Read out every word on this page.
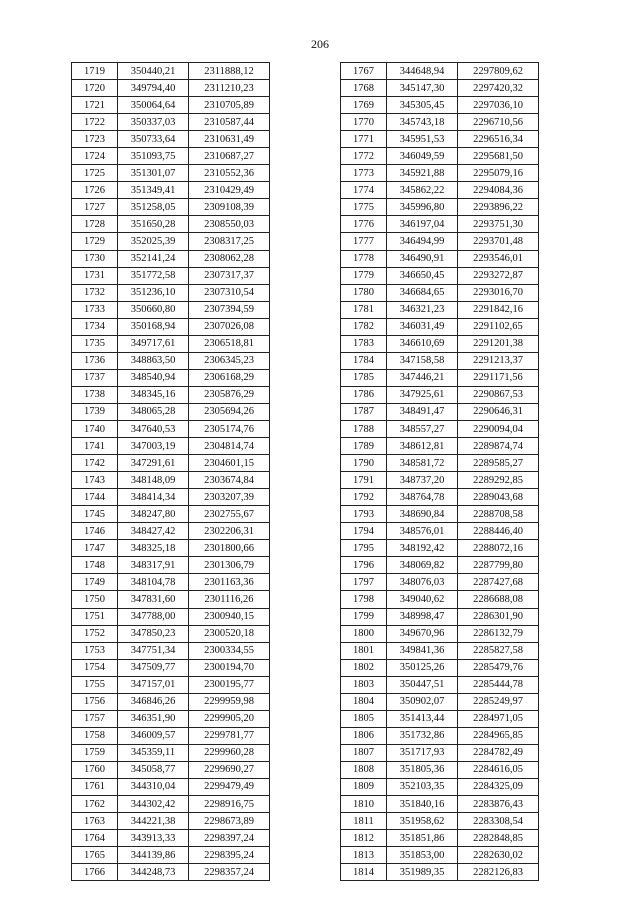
206
1719	350440,21	2311888,12
1720	349794,40	2311210,23
1721	350064,64	2310705,89
1722	350337,03	2310587,44
1723	350733,64	2310631,49
1724	351093,75	2310687,27
1725	351301,07	2310552,36
1726	351349,41	2310429,49
1727	351258,05	2309108,39
1728	351650,28	2308550,03
1729	352025,39	2308317,25
1730	352141,24	2308062,28
1731	351772,58	2307317,37
1732	351236,10	2307310,54
1733	350660,80	2307394,59
1734	350168,94	2307026,08
1735	349717,61	2306518,81
1736	348863,50	2306345,23
1737	348540,94	2306168,29
1738	348345,16	2305876,29
1739	348065,28	2305694,26
1740	347640,53	2305174,76
1741	347003,19	2304814,74
1742	347291,61	2304601,15
1743	348148,09	2303674,84
1744	348414,34	2303207,39
1745	348247,80	2302755,67
1746	348427,42	2302206,31
1747	348325,18	2301800,66
1748	348317,91	2301306,79
1749	348104,78	2301163,36
1750	347831,60	2301116,26
1751	347788,00	2300940,15
1752	347850,23	2300520,18
1753	347751,34	2300334,55
1754	347509,77	2300194,70
1755	347157,01	2300195,77
1756	346846,26	2299959,98
1757	346351,90	2299905,20
1758	346009,57	2299781,77
1759	345359,11	2299960,28
1760	345058,77	2299690,27
1761	344310,04	2299479,49
1762	344302,42	2298916,75
1763	344221,38	2298673,89
1764	343913,33	2298397,24
1765	344139,86	2298395,24
1766	344248,73	2298357,24
1767	344648,94	2297809,62
1768	345147,30	2297420,32
1769	345305,45	2297036,10
1770	345743,18	2296710,56
1771	345951,53	2296516,34
1772	346049,59	2295681,50
1773	345921,88	2295079,16
1774	345862,22	2294084,36
1775	345996,80	2293896,22
1776	346197,04	2293751,30
1777	346494,99	2293701,48
1778	346490,91	2293546,01
1779	346650,45	2293272,87
1780	346684,65	2293016,70
1781	346321,23	2291842,16
1782	346031,49	2291102,65
1783	346610,69	2291201,38
1784	347158,58	2291213,37
1785	347446,21	2291171,56
1786	347925,61	2290867,53
1787	348491,47	2290646,31
1788	348557,27	2290094,04
1789	348612,81	2289874,74
1790	348581,72	2289585,27
1791	348737,20	2289292,85
1792	348764,78	2289043,68
1793	348690,84	2288708,58
1794	348576,01	2288446,40
1795	348192,42	2288072,16
1796	348069,82	2287799,80
1797	348076,03	2287427,68
1798	349040,62	2286688,08
1799	348998,47	2286301,90
1800	349670,96	2286132,79
1801	349841,36	2285827,58
1802	350125,26	2285479,76
1803	350447,51	2285444,78
1804	350902,07	2285249,97
1805	351413,44	2284971,05
1806	351732,86	2284965,85
1807	351717,93	2284782,49
1808	351805,36	2284616,05
1809	352103,35	2284325,09
1810	351840,16	2283876,43
1811	351958,62	2283308,54
1812	351851,86	2282848,85
1813	351853,00	2282630,02
1814	351989,35	2282126,83
